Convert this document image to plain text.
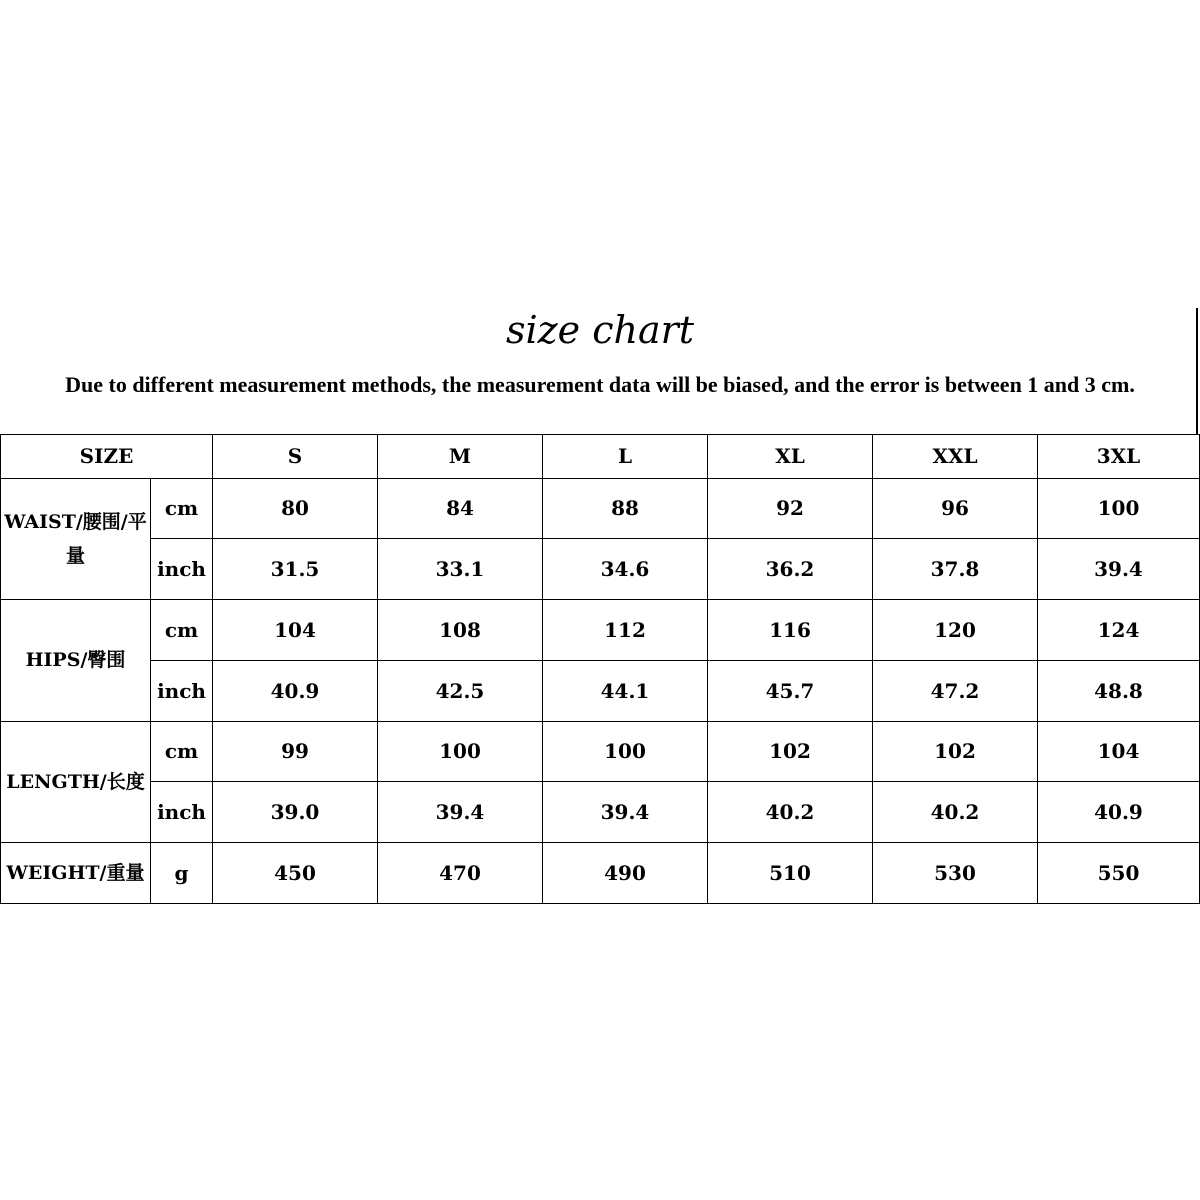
size chart
Due to different measurement methods, the measurement data will be biased, and the error is between 1 and 3 cm.
SIZE		S	M	L	XL	XXL	3XL
WAIST/腰围/平量	cm	80	84	88	92	96	100
	inch	31.5	33.1	34.6	36.2	37.8	39.4
HIPS/臀围	cm	104	108	112	116	120	124
	inch	40.9	42.5	44.1	45.7	47.2	48.8
LENGTH/长度	cm	99	100	100	102	102	104
	inch	39.0	39.4	39.4	40.2	40.2	40.9
WEIGHT/重量	g	450	470	490	510	530	550
